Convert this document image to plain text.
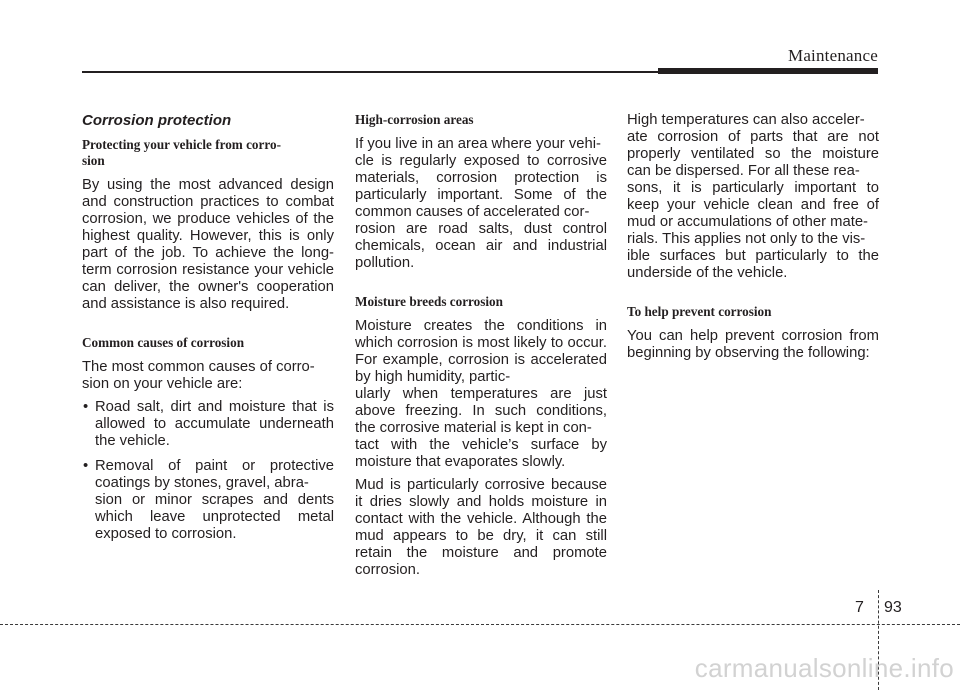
Maintenance
Corrosion protection
Protecting your vehicle from corro-
sion

By using the most advanced design and construction practices to combat corrosion, we produce vehicles of the highest quality. However, this is only part of the job. To achieve the long-term corrosion resistance your vehicle can deliver, the owner's cooperation and assistance is also required.

Common causes of corrosion

The most common causes of corro-
sion on your vehicle are:

• Road salt, dirt and moisture that is allowed to accumulate underneath the vehicle.
• Removal of paint or protective coatings by stones, gravel, abra-
sion or minor scrapes and dents which leave unprotected metal exposed to corrosion.
High-corrosion areas

If you live in an area where your vehi-
cle is regularly exposed to corrosive materials, corrosion protection is particularly important. Some of the common causes of accelerated cor-
rosion are road salts, dust control chemicals, ocean air and industrial pollution.

Moisture breeds corrosion

Moisture creates the conditions in which corrosion is most likely to occur. For example, corrosion is accelerated by high humidity, partic-
ularly when temperatures are just above freezing. In such conditions, the corrosive material is kept in con-
tact with the vehicle’s surface by moisture that evaporates slowly.

Mud is particularly corrosive because it dries slowly and holds moisture in contact with the vehicle. Although the mud appears to be dry, it can still retain the moisture and promote corrosion.

High temperatures can also acceler-
ate corrosion of parts that are not properly ventilated so the moisture can be dispersed. For all these rea-
sons, it is particularly important to keep your vehicle clean and free of mud or accumulations of other mate-
rials. This applies not only to the vis-
ible surfaces but particularly to the underside of the vehicle.

To help prevent corrosion

You can help prevent corrosion from beginning by observing the following:

7 93
carmanualsonline.info
